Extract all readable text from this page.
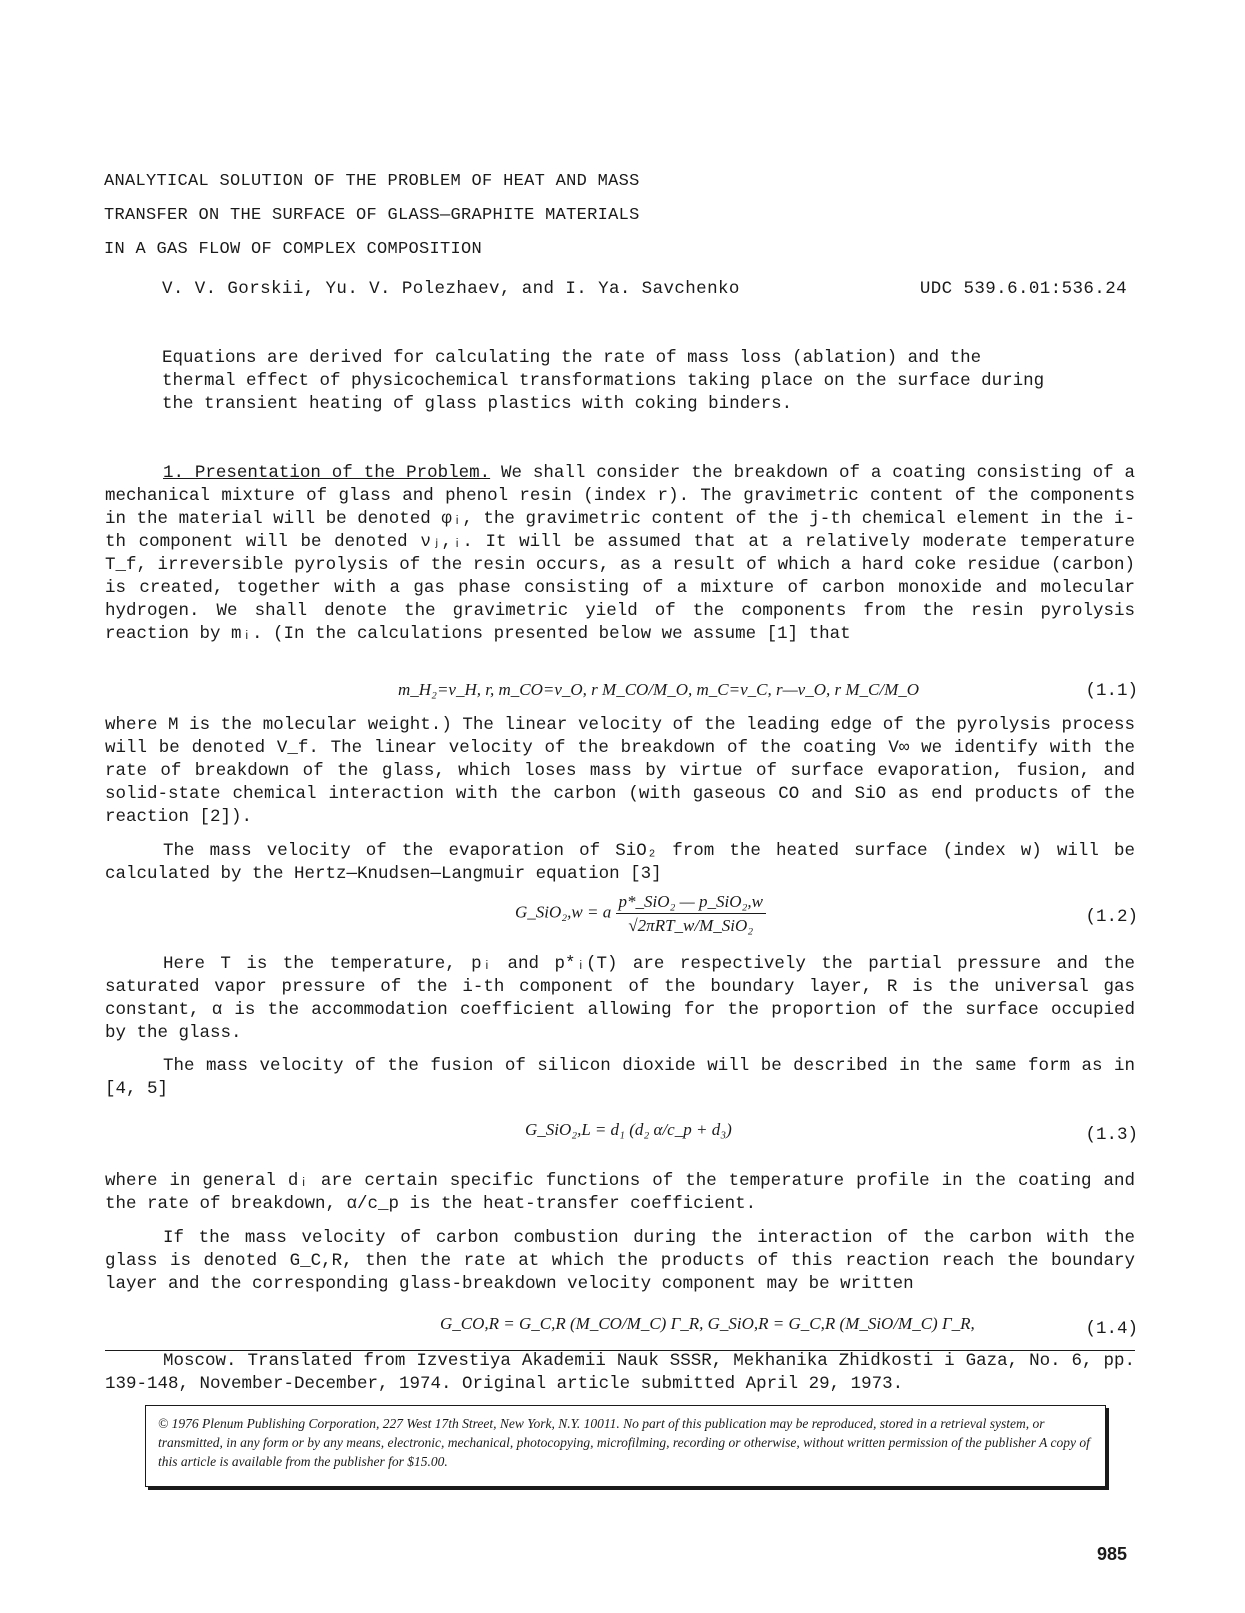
ANALYTICAL SOLUTION OF THE PROBLEM OF HEAT AND MASS
TRANSFER ON THE SURFACE OF GLASS—GRAPHITE MATERIALS
IN A GAS FLOW OF COMPLEX COMPOSITION
V. V. Gorskii, Yu. V. Polezhaev, and I. Ya. Savchenko	UDC 539.6.01:536.24
Equations are derived for calculating the rate of mass loss (ablation) and the thermal effect of physicochemical transformations taking place on the surface during the transient heating of glass plastics with coking binders.
1. Presentation of the Problem. We shall consider the breakdown of a coating consisting of a mechanical mixture of glass and phenol resin (index r). The gravimetric content of the components in the material will be denoted φᵢ, the gravimetric content of the j-th chemical element in the i-th component will be denoted νⱼ,ᵢ. It will be assumed that at a relatively moderate temperature T_f, irreversible pyrolysis of the resin occurs, as a result of which a hard coke residue (carbon) is created, together with a gas phase consisting of a mixture of carbon monoxide and molecular hydrogen. We shall denote the gravimetric yield of the components from the resin pyrolysis reaction by mᵢ. (In the calculations presented below we assume [1] that
m_H₂=ν_H, r, m_CO=ν_O, r M_CO/M_O, m_C=ν_C, r—ν_O, r M_C/M_O	(1.1)
where M is the molecular weight.) The linear velocity of the leading edge of the pyrolysis process will be denoted V_f. The linear velocity of the breakdown of the coating V∞ we identify with the rate of breakdown of the glass, which loses mass by virtue of surface evaporation, fusion, and solid-state chemical interaction with the carbon (with gaseous CO and SiO as end products of the reaction [2]).
The mass velocity of the evaporation of SiO₂ from the heated surface (index w) will be calculated by the Hertz—Knudsen—Langmuir equation [3]
G_SiO₂,w = a $\frac{\text{p*\_SiO₂ — p\_SiO₂,w}}{\text{√2πRT\_w/M\_SiO₂}}$	(1.2)
Here T is the temperature, pᵢ and p*ᵢ(T) are respectively the partial pressure and the saturated vapor pressure of the i-th component of the boundary layer, R is the universal gas constant, α is the accommodation coefficient allowing for the proportion of the surface occupied by the glass.
The mass velocity of the fusion of silicon dioxide will be described in the same form as in [4, 5]
G_SiO₂,L = d₁ (d₂ α/c_p + d₃)	(1.3)
where in general dᵢ are certain specific functions of the temperature profile in the coating and the rate of breakdown, α/c_p is the heat-transfer coefficient.
If the mass velocity of carbon combustion during the interaction of the carbon with the glass is denoted G_C,R, then the rate at which the products of this reaction reach the boundary layer and the corresponding glass-breakdown velocity component may be written
G_CO,R = G_C,R (M_CO/M_C) Γ_R, G_SiO,R = G_C,R (M_SiO/M_C) Γ_R,	(1.4)
Moscow. Translated from Izvestiya Akademii Nauk SSSR, Mekhanika Zhidkosti i Gaza, No. 6, pp. 139-148, November-December, 1974. Original article submitted April 29, 1973.
© 1976 Plenum Publishing Corporation, 227 West 17th Street, New York, N.Y. 10011. No part of this publication may be reproduced, stored in a retrieval system, or transmitted, in any form or by any means, electronic, mechanical, photocopying, microfilming, recording or otherwise, without written permission of the publisher A copy of this article is available from the publisher for $15.00.
985
